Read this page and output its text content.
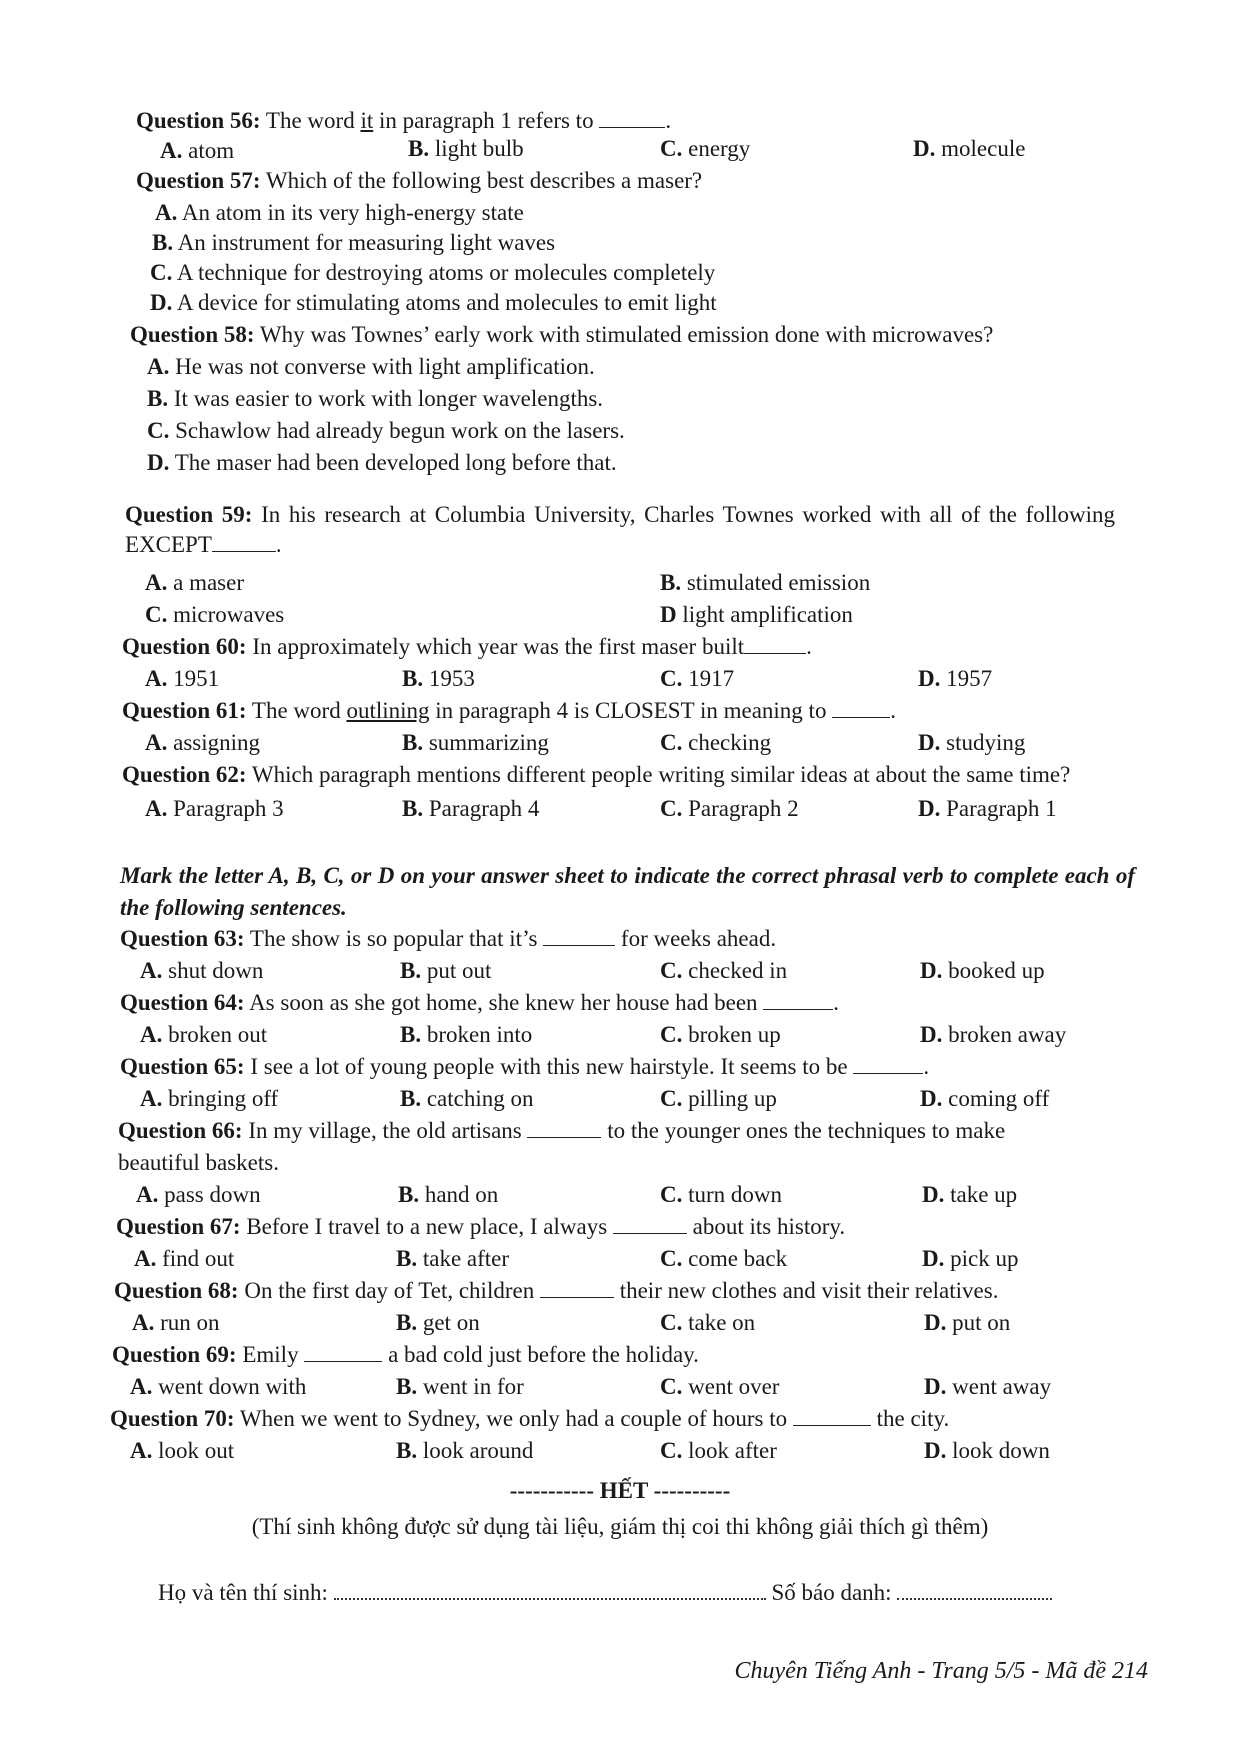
Question 56: The word it in paragraph 1 refers to	.
A. atom	B. light bulb	C. energy	D. molecule
Question 57: Which of the following best describes a maser?
A. An atom in its very high-energy state
B. An instrument for measuring light waves
C. A technique for destroying atoms or molecules completely
D. A device for stimulating atoms and molecules to emit light
Question 58: Why was Townes’ early work with stimulated emission done with microwaves?
A. He was not converse with light amplification.
B. It was easier to work with longer wavelengths.
C. Schawlow had already begun work on the lasers.
D. The maser had been developed long before that.
Question 59: In his research at Columbia University, Charles Townes worked with all of the following EXCEPT	.
A. a maser	B. stimulated emission
C. microwaves	D light amplification
Question 60: In approximately which year was the first maser built	.
A. 1951	B. 1953	C. 1917	D. 1957
Question 61: The word outlining in paragraph 4 is CLOSEST in meaning to	.
A. assigning	B. summarizing	C. checking	D. studying
Question 62: Which paragraph mentions different people writing similar ideas at about the same time?
A. Paragraph 3	B. Paragraph 4	C. Paragraph 2	D. Paragraph 1
Mark the letter A, B, C, or D on your answer sheet to indicate the correct phrasal verb to complete each of the following sentences.
Question 63: The show is so popular that it’s	for weeks ahead.
A. shut down	B. put out	C. checked in	D. booked up
Question 64: As soon as she got home, she knew her house had been	.
A. broken out	B. broken into	C. broken up	D. broken away
Question 65: I see a lot of young people with this new hairstyle. It seems to be	.
A. bringing off	B. catching on	C. pilling up	D. coming off
Question 66: In my village, the old artisans	to the younger ones the techniques to make
beautiful baskets.
A. pass down	B. hand on	C. turn down	D. take up
Question 67: Before I travel to a new place, I always	about its history.
A. find out	B. take after	C. come back	D. pick up
Question 68: On the first day of Tet, children	their new clothes and visit their relatives.
A. run on	B. get on	C. take on	D. put on
Question 69: Emily	a bad cold just before the holiday.
A. went down with	B. went in for	C. went over	D. went away
Question 70: When we went to Sydney, we only had a couple of hours to	the city.
A. look out	B. look around	C. look after	D. look down
----------- HẾT ----------
(Thí sinh không được sử dụng tài liệu, giám thị coi thi không giải thích gì thêm)
Họ và tên thí sinh:	Số báo danh:
Chuyên Tiếng Anh - Trang 5/5 - Mã đề 214
